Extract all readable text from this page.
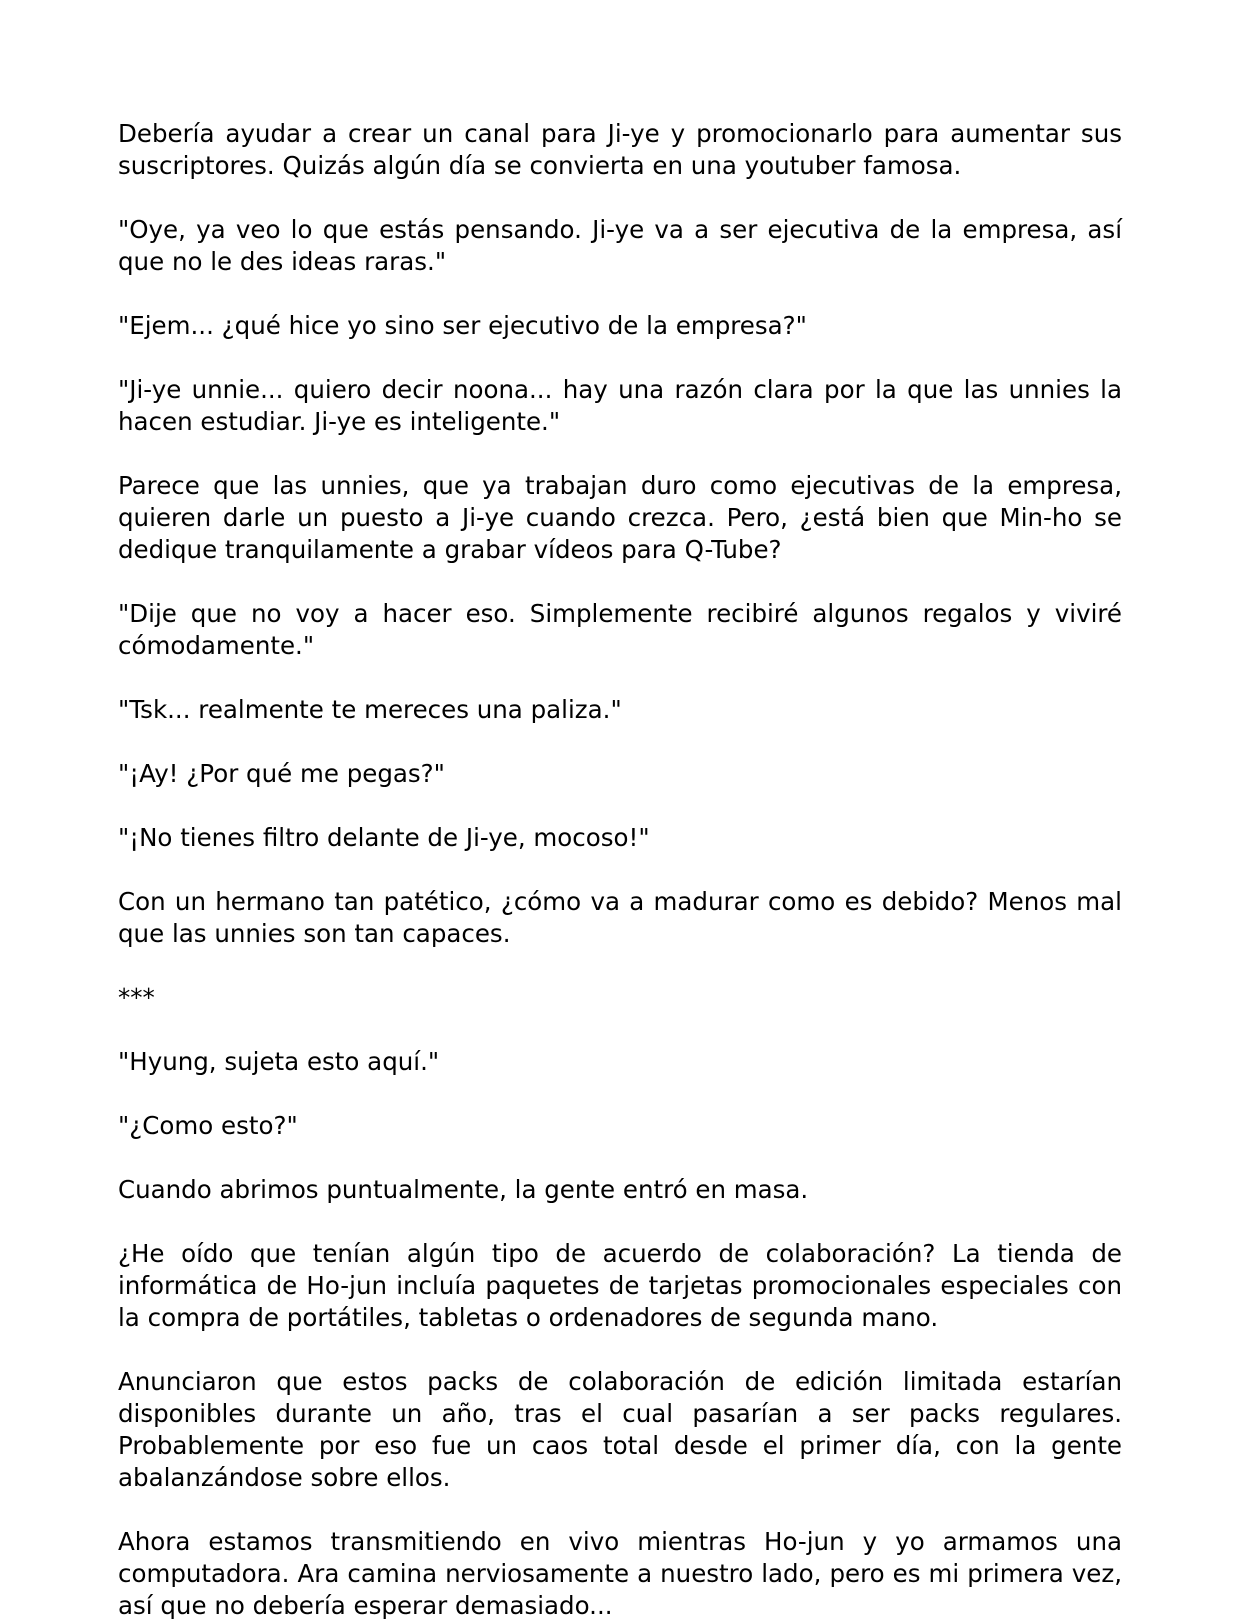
Debería ayudar a crear un canal para Ji-ye y promocionarlo para aumentar sus suscriptores. Quizás algún día se convierta en una youtuber famosa.

"Oye, ya veo lo que estás pensando. Ji-ye va a ser ejecutiva de la empresa, así que no le des ideas raras."

"Ejem... ¿qué hice yo sino ser ejecutivo de la empresa?"

"Ji-ye unnie... quiero decir noona... hay una razón clara por la que las unnies la hacen estudiar. Ji-ye es inteligente."

Parece que las unnies, que ya trabajan duro como ejecutivas de la empresa, quieren darle un puesto a Ji-ye cuando crezca. Pero, ¿está bien que Min-ho se dedique tranquilamente a grabar vídeos para Q-Tube?

"Dije que no voy a hacer eso. Simplemente recibiré algunos regalos y viviré cómodamente."

"Tsk... realmente te mereces una paliza."

"¡Ay! ¿Por qué me pegas?"

"¡No tienes filtro delante de Ji-ye, mocoso!"

Con un hermano tan patético, ¿cómo va a madurar como es debido? Menos mal que las unnies son tan capaces.

***

"Hyung, sujeta esto aquí."

"¿Como esto?"

Cuando abrimos puntualmente, la gente entró en masa.

¿He oído que tenían algún tipo de acuerdo de colaboración? La tienda de informática de Ho-jun incluía paquetes de tarjetas promocionales especiales con la compra de portátiles, tabletas o ordenadores de segunda mano.

Anunciaron que estos packs de colaboración de edición limitada estarían disponibles durante un año, tras el cual pasarían a ser packs regulares. Probablemente por eso fue un caos total desde el primer día, con la gente abalanzándose sobre ellos.

Ahora estamos transmitiendo en vivo mientras Ho-jun y yo armamos una computadora. Ara camina nerviosamente a nuestro lado, pero es mi primera vez, así que no debería esperar demasiado...
